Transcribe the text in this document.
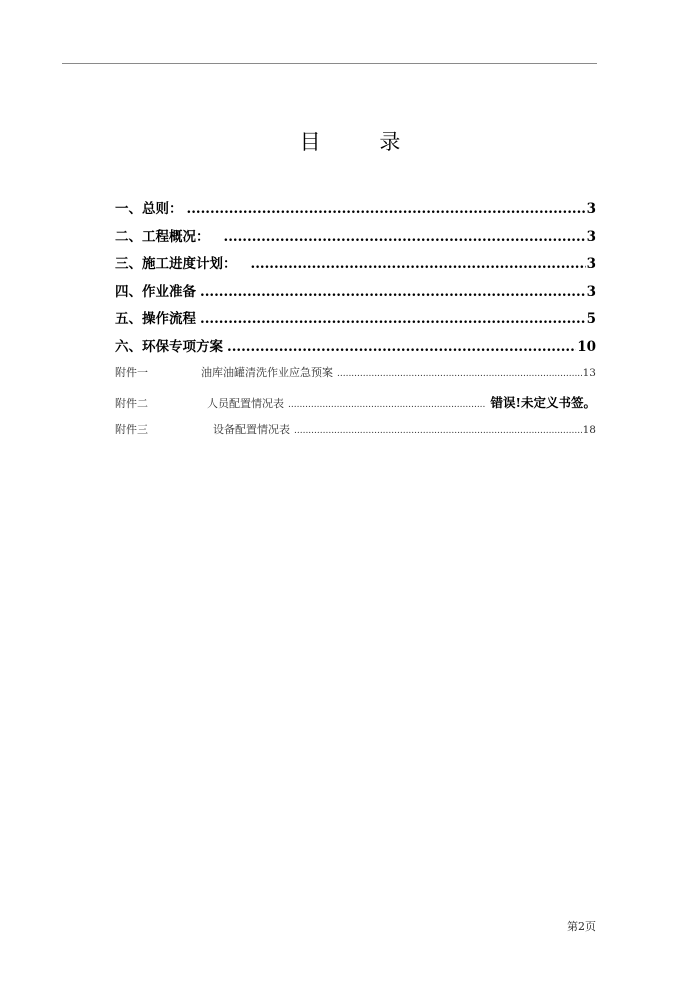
目 录
一、总则： .....	3
二、工程概况： .....	3
三、施工进度计划： .....	3
四、作业准备 .....	3
五、操作流程 .....	5
六、环保专项方案 .....	10
附件一	油库油罐清洗作业应急预案 .....	13
附件二	人员配置情况表 .....	错误!未定义书签。
附件三	设备配置情况表 .....	18
第2页
